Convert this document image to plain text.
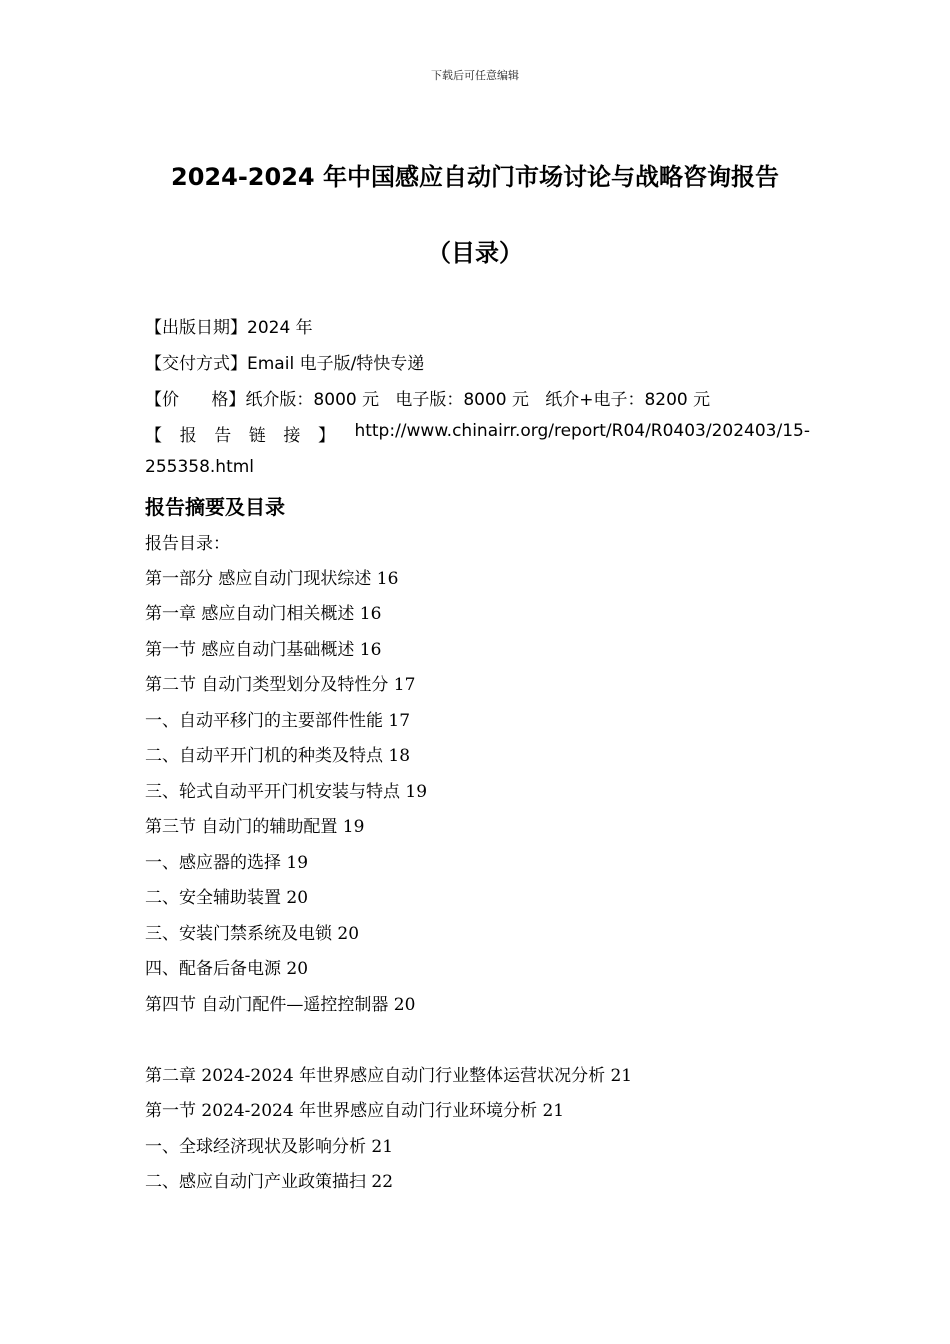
下载后可任意编辑
2024-2024 年中国感应自动门市场讨论与战略咨询报告
（目录）
【出版日期】2024 年
【交付方式】Email 电子版/特快专递
【价      格】纸介版：8000 元   电子版：8000 元   纸介+电子：8200 元
【 报 告 链 接 】 http://www.chinairr.org/report/R04/R0403/202403/15-
255358.html
报告摘要及目录
报告目录：
第一部分 感应自动门现状综述 16
第一章 感应自动门相关概述 16
第一节 感应自动门基础概述 16
第二节 自动门类型划分及特性分 17
一、自动平移门的主要部件性能 17
二、自动平开门机的种类及特点 18
三、轮式自动平开门机安装与特点 19
第三节 自动门的辅助配置 19
一、感应器的选择 19
二、安全辅助装置 20
三、安装门禁系统及电锁 20
四、配备后备电源 20
第四节 自动门配件—遥控控制器 20
第二章 2024-2024 年世界感应自动门行业整体运营状况分析 21
第一节 2024-2024 年世界感应自动门行业环境分析 21
一、全球经济现状及影响分析 21
二、感应自动门产业政策描扫 22
